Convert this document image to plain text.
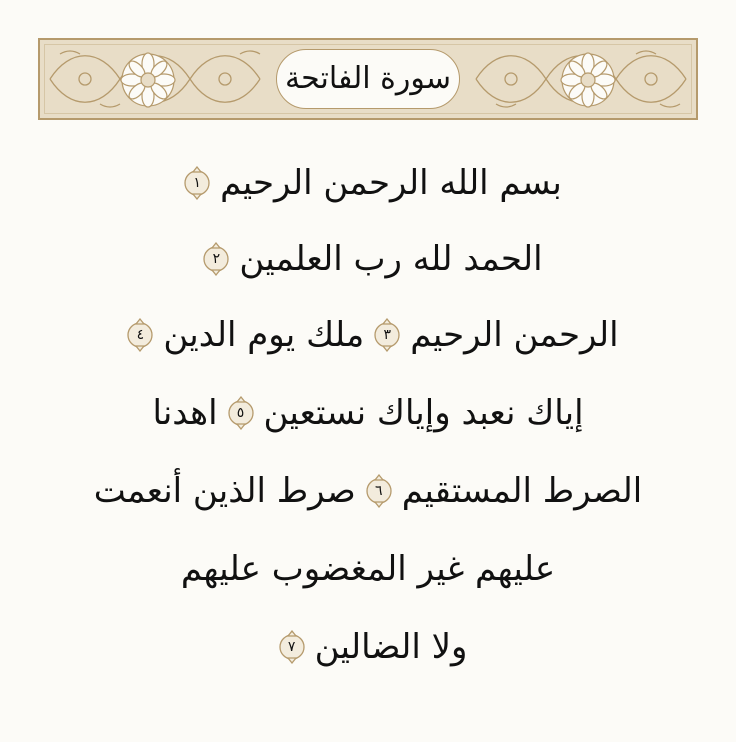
سورة الفاتحة
بسم الله الرحمن الرحيم
١
الحمد لله رب العلمين
٢
الرحمن الرحيم
٣
ملك يوم الدين
٤
إياك نعبد وإياك نستعين
٥
اهدنا
الصرط المستقيم
٦
صرط الذين أنعمت
عليهم غير المغضوب عليهم
ولا الضالين
٧
